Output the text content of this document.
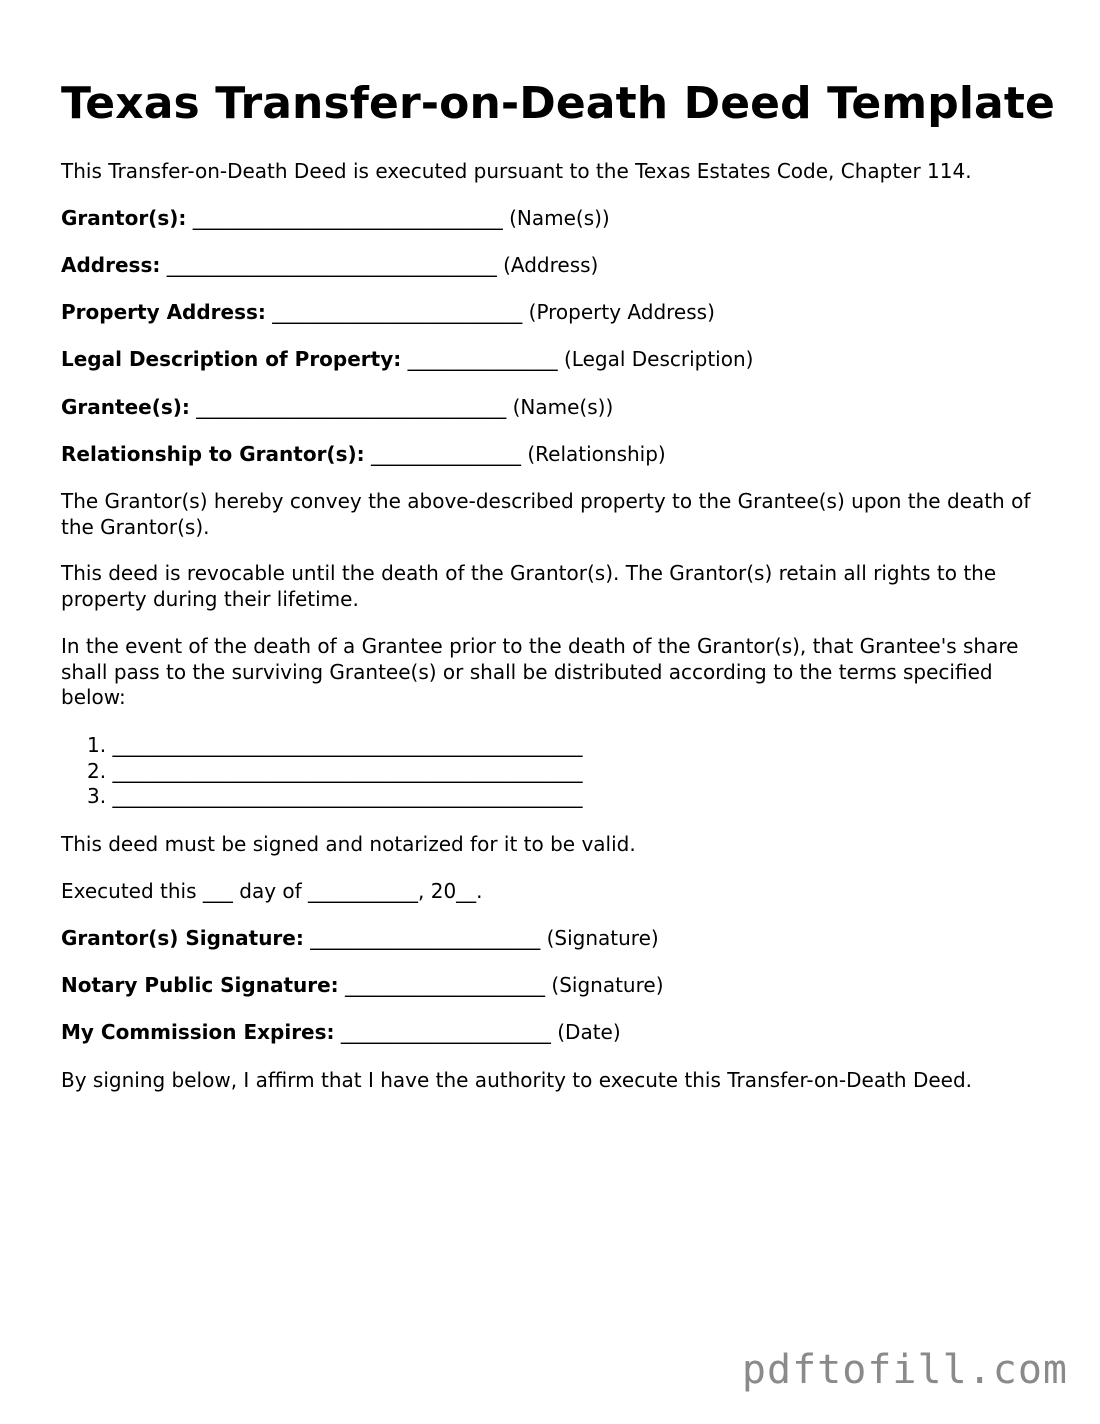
Texas Transfer-on-Death Deed Template
This Transfer-on-Death Deed is executed pursuant to the Texas Estates Code, Chapter 114.
Grantor(s): _______________________________ (Name(s))
Address: _________________________________ (Address)
Property Address: _________________________ (Property Address)
Legal Description of Property: _______________ (Legal Description)
Grantee(s): _______________________________ (Name(s))
Relationship to Grantor(s): _______________ (Relationship)
The Grantor(s) hereby convey the above-described property to the Grantee(s) upon the death of the Grantor(s).
This deed is revocable until the death of the Grantor(s). The Grantor(s) retain all rights to the property during their lifetime.
In the event of the death of a Grantee prior to the death of the Grantor(s), that Grantee's share shall pass to the surviving Grantee(s) or shall be distributed according to the terms specified below:
1. _______________________________________________
2. _______________________________________________
3. _______________________________________________
This deed must be signed and notarized for it to be valid.
Executed this ___ day of ___________, 20__.
Grantor(s) Signature: _______________________ (Signature)
Notary Public Signature: ____________________ (Signature)
My Commission Expires: _____________________ (Date)
By signing below, I affirm that I have the authority to execute this Transfer-on-Death Deed.
pdftofill.com
